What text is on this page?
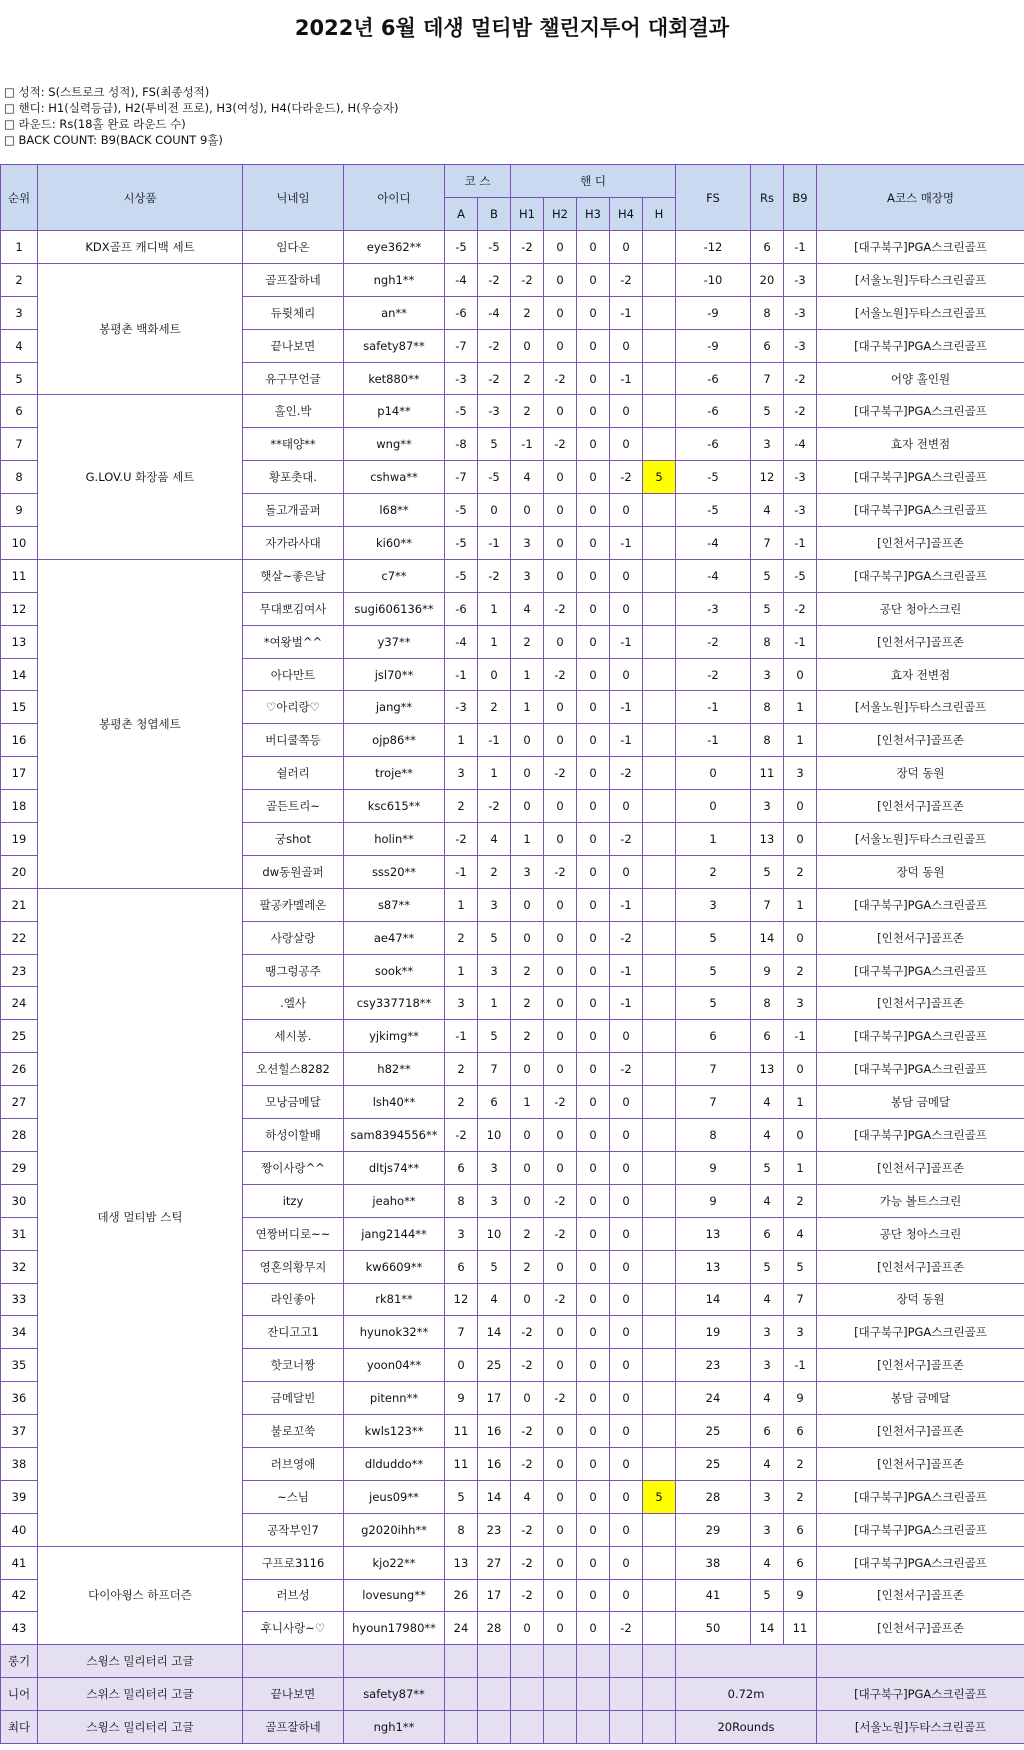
2022년 6월 데생 멀티밤 챌린지투어 대회결과
□ 성적: S(스트로크 성적), FS(최종성적)
□ 핸디: H1(실력등급), H2(투비전 프로), H3(여성), H4(다라운드), H(우승자)
□ 라운드: Rs(18홀 완료 라운드 수)
□ BACK COUNT: B9(BACK COUNT 9홀)
순위	시상품	닉네임	아이디	코 스		핸 디					FS	Rs	B9	A코스 매장명
				A	B	H1	H2	H3	H4	H				
1	KDX골프 캐디백 세트	임다온	eye362**	-5	-5	-2	0	0	0		-12	6	-1	[대구북구]PGA스크린골프
2	봉평촌 백화세트	골프잘하네	ngh1**	-4	-2	-2	0	0	-2		-10	20	-3	[서울노원]두타스크린골프
3		듀륏체리	an**	-6	-4	2	0	0	-1		-9	8	-3	[서울노원]두타스크린골프
4		끝나보면	safety87**	-7	-2	0	0	0	0		-9	6	-3	[대구북구]PGA스크린골프
5		유구무언글	ket880**	-3	-2	2	-2	0	-1		-6	7	-2	어양 홀인원
6	G.LOV.U 화장품 세트	홀인.박	p14**	-5	-3	2	0	0	0		-6	5	-2	[대구북구]PGA스크린골프
7		**태양**	wng**	-8	5	-1	-2	0	0		-6	3	-4	효자 전변점
8		황포촛대.	cshwa**	-7	-5	4	0	0	-2	5	-5	12	-3	[대구북구]PGA스크린골프
9		돌고개골퍼	l68**	-5	0	0	0	0	0		-5	4	-3	[대구북구]PGA스크린골프
10		자가라사대	ki60**	-5	-1	3	0	0	-1		-4	7	-1	[인천서구]골프존
11	봉평촌 청엽세트	햇살~좋은날	c7**	-5	-2	3	0	0	0		-4	5	-5	[대구북구]PGA스크린골프
12		무대뽀김여사	sugi606136**	-6	1	4	-2	0	0		-3	5	-2	공단 청아스크린
13		*여왕벌^^	y37**	-4	1	2	0	0	-1		-2	8	-1	[인천서구]골프존
14		아다만트	jsl70**	-1	0	1	-2	0	0		-2	3	0	효자 전변점
15		♡아리랑♡	jang**	-3	2	1	0	0	-1		-1	8	1	[서울노원]두타스크린골프
16		버디쿨쪽등	ojp86**	1	-1	0	0	0	-1		-1	8	1	[인천서구]골프존
17		쉴러리	troje**	3	1	0	-2	0	-2		0	11	3	장덕 동원
18		골든트리~	ksc615**	2	-2	0	0	0	0		0	3	0	[인천서구]골프존
19		궁shot	holin**	-2	4	1	0	0	-2		1	13	0	[서울노원]두타스크린골프
20		dw동원골퍼	sss20**	-1	2	3	-2	0	0		2	5	2	장덕 동원
21	데생 멀티밤 스틱	팔공카멜레온	s87**	1	3	0	0	0	-1		3	7	1	[대구북구]PGA스크린골프
22		사랑살랑	ae47**	2	5	0	0	0	-2		5	14	0	[인천서구]골프존
23		땡그렁공주	sook**	1	3	2	0	0	-1		5	9	2	[대구북구]PGA스크린골프
24		.엘사	csy337718**	3	1	2	0	0	-1		5	8	3	[인천서구]골프존
25		세시봉.	yjkimg**	-1	5	2	0	0	0		6	6	-1	[대구북구]PGA스크린골프
26		오션힐스8282	h82**	2	7	0	0	0	-2		7	13	0	[대구북구]PGA스크린골프
27		모낭금메달	lsh40**	2	6	1	-2	0	0		7	4	1	봉담 금메달
28		하성이할배	sam8394556**	-2	10	0	0	0	0		8	4	0	[대구북구]PGA스크린골프
29		짱이사랑^^	dltjs74**	6	3	0	0	0	0		9	5	1	[인천서구]골프존
30		itzy	jeaho**	8	3	0	-2	0	0		9	4	2	가능 볼트스크린
31		연짱버디로~~	jang2144**	3	10	2	-2	0	0		13	6	4	공단 청아스크린
32		영혼의황무지	kw6609**	6	5	2	0	0	0		13	5	5	[인천서구]골프존
33		라인좋아	rk81**	12	4	0	-2	0	0		14	4	7	장덕 동원
34		잔디고고1	hyunok32**	7	14	-2	0	0	0		19	3	3	[대구북구]PGA스크린골프
35		핫코너짱	yoon04**	0	25	-2	0	0	0		23	3	-1	[인천서구]골프존
36		금메달빈	pitenn**	9	17	0	-2	0	0		24	4	9	봉담 금메달
37		불로꼬쑥	kwls123**	11	16	-2	0	0	0		25	6	6	[인천서구]골프존
38		러브영애	dlduddo**	11	16	-2	0	0	0		25	4	2	[인천서구]골프존
39		~스님	jeus09**	5	14	4	0	0	0	5	28	3	2	[대구북구]PGA스크린골프
40		공작부인7	g2020ihh**	8	23	-2	0	0	0		29	3	6	[대구북구]PGA스크린골프
41	다이아윙스 하프더즌	구프로3116	kjo22**	13	27	-2	0	0	0		38	4	6	[대구북구]PGA스크린골프
42		러브성	lovesung**	26	17	-2	0	0	0		41	5	9	[인천서구]골프존
43		후니사랑~♡	hyoun17980**	24	28	0	0	0	-2		50	14	11	[인천서구]골프존
롱기	스윙스 밀리터리 고글													
니어	스위스 밀리터리 고글	끝나보면	safety87**								0.72m			[대구북구]PGA스크린골프
최다	스윙스 밀리터리 고글	골프잘하네	ngh1**								20Rounds			[서울노원]두타스크린골프
